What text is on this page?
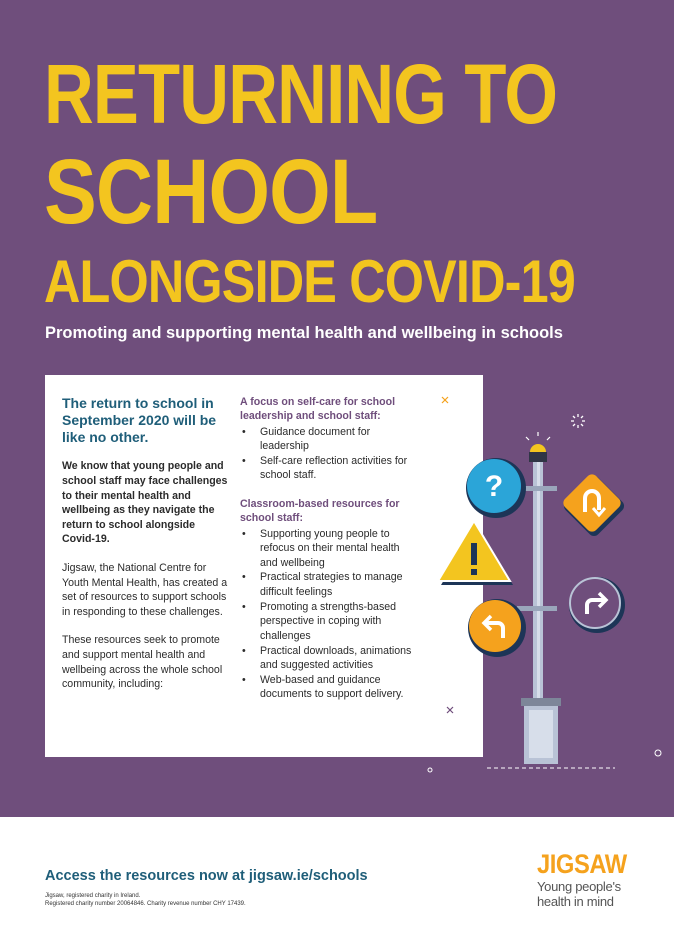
RETURNING TO
SCHOOL
ALONGSIDE COVID-19
Promoting and supporting mental health and wellbeing in schools

The return to school in September 2020 will be like no other.

We know that young people and school staff may face challenges to their mental health and wellbeing as they navigate the return to school alongside Covid-19.

Jigsaw, the National Centre for Youth Mental Health, has created a set of resources to support schools in responding to these challenges.

These resources seek to promote and support mental health and wellbeing across the whole school community, including:

A focus on self-care for school leadership and school staff:
• Guidance document for leadership
• Self-care reflection activities for school staff.
Classroom-based resources for school staff:
• Supporting young people to refocus on their mental health and wellbeing
• Practical strategies to manage difficult feelings
• Promoting a strengths-based perspective in coping with challenges
• Practical downloads, animations and suggested activities
• Web-based and guidance documents to support delivery.
?
Access the resources now at jigsaw.ie/schools
Jigsaw, registered charity in Ireland.
Registered charity number 20064846. Charity revenue number CHY 17439.
JIGSAW
Young people's
health in mind
